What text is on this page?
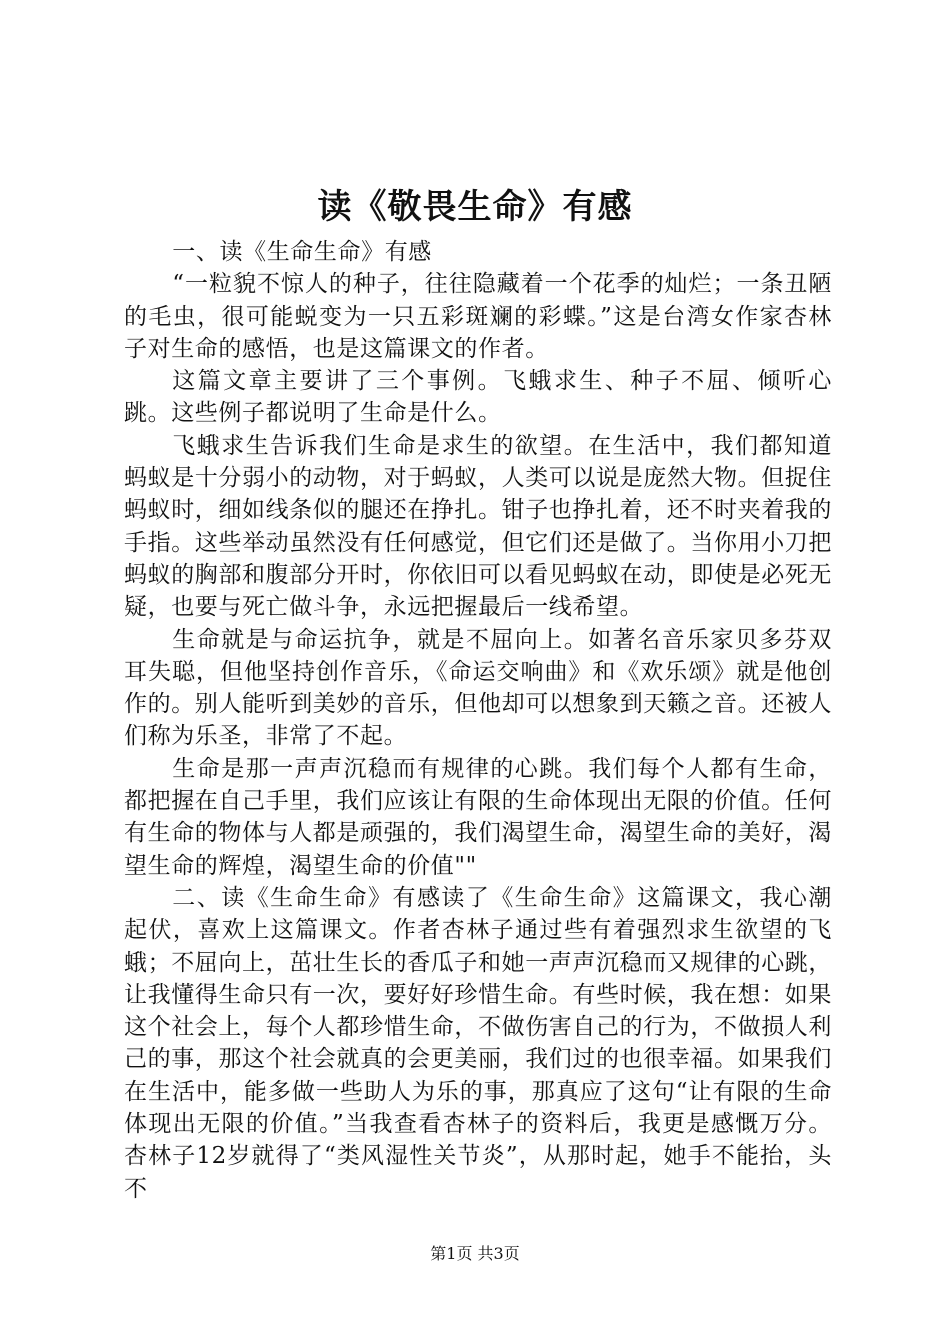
读《敬畏生命》有感

一、读《生命生命》有感

“一粒貌不惊人的种子，往往隐藏着一个花季的灿烂；一条丑陋的毛虫，很可能蜕变为一只五彩斑斓的彩蝶。”这是台湾女作家杏林子对生命的感悟，也是这篇课文的作者。

这篇文章主要讲了三个事例。飞蛾求生、种子不屈、倾听心跳。这些例子都说明了生命是什么。

飞蛾求生告诉我们生命是求生的欲望。在生活中，我们都知道蚂蚁是十分弱小的动物，对于蚂蚁，人类可以说是庞然大物。但捉住蚂蚁时，细如线条似的腿还在挣扎。钳子也挣扎着，还不时夹着我的手指。这些举动虽然没有任何感觉，但它们还是做了。当你用小刀把蚂蚁的胸部和腹部分开时，你依旧可以看见蚂蚁在动，即使是必死无疑，也要与死亡做斗争，永远把握最后一线希望。

生命就是与命运抗争，就是不屈向上。如著名音乐家贝多芬双耳失聪，但他坚持创作音乐，《命运交响曲》和《欢乐颂》就是他创作的。别人能听到美妙的音乐，但他却可以想象到天籁之音。还被人们称为乐圣，非常了不起。

生命是那一声声沉稳而有规律的心跳。我们每个人都有生命，都把握在自己手里，我们应该让有限的生命体现出无限的价值。任何有生命的物体与人都是顽强的，我们渴望生命，渴望生命的美好，渴望生命的辉煌，渴望生命的价值""

二、读《生命生命》有感读了《生命生命》这篇课文，我心潮起伏，喜欢上这篇课文。作者杏林子通过些有着强烈求生欲望的飞蛾；不屈向上，茁壮生长的香瓜子和她一声声沉稳而又规律的心跳，让我懂得生命只有一次，要好好珍惜生命。有些时候，我在想：如果这个社会上，每个人都珍惜生命，不做伤害自己的行为，不做损人利己的事，那这个社会就真的会更美丽，我们过的也很幸福。如果我们在生活中，能多做一些助人为乐的事，那真应了这句“让有限的生命体现出无限的价值。”当我查看杏林子的资料后，我更是感慨万分。杏林子12岁就得了“类风湿性关节炎”，从那时起，她手不能抬，头不

第1页 共3页
